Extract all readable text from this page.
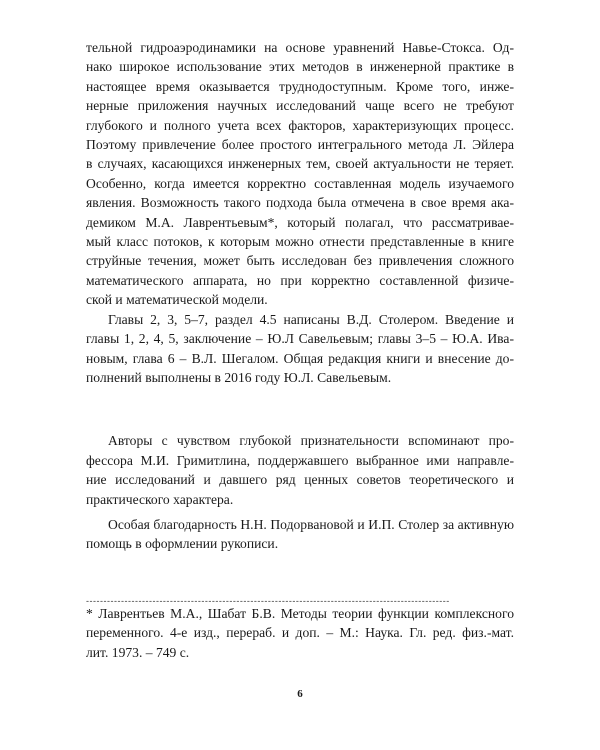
тельной гидроаэродинамики на основе уравнений Навье-Стокса. Од-
нако широкое использование этих методов в инженерной практике в
настоящее время оказывается труднодоступным. Кроме того, инже-
нерные приложения научных исследований чаще всего не требуют
глубокого и полного учета всех факторов, характеризующих процесс.
Поэтому привлечение более простого интегрального метода Л. Эйлера
в случаях, касающихся инженерных тем, своей актуальности не теряет.
Особенно, когда имеется корректно составленная модель изучаемого
явления. Возможность такого подхода была отмечена в свое время ака-
демиком М.А. Лаврентьевым*, который полагал, что рассматривае-
мый класс потоков, к которым можно отнести представленные в книге
струйные течения, может быть исследован без привлечения сложного
математического аппарата, но при корректно составленной физиче-
ской и математической модели.

Главы 2, 3, 5–7, раздел 4.5 написаны В.Д. Столером. Введение и
главы 1, 2, 4, 5, заключение – Ю.Л Савельевым; главы 3–5 – Ю.А. Ива-
новым, глава 6 – В.Л. Шегалом. Общая редакция книги и внесение до-
полнений выполнены в 2016 году Ю.Л. Савельевым.

Авторы с чувством глубокой признательности вспоминают про-
фессора М.И. Гримитлина, поддержавшего выбранное ими направле-
ние исследований и давшего ряд ценных советов теоретического и
практического характера.

Особая благодарность Н.Н. Подорвановой и И.П. Столер за активную
помощь в оформлении рукописи.

--------------------------------------------------------------------------------------------------------
* Лаврентьев М.А., Шабат Б.В. Методы теории функции комплексного
переменного. 4-е изд., перераб. и доп. – М.: Наука. Гл. ред. физ.-мат.
лит. 1973. – 749 с.
6
